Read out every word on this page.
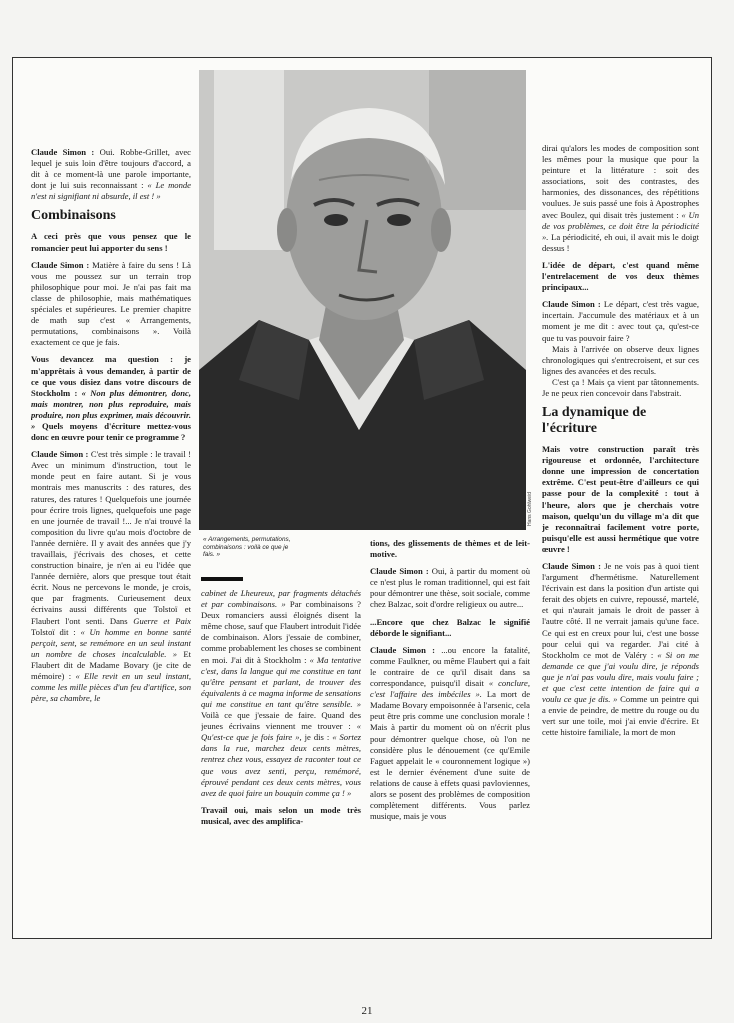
Claude Simon : Oui. Robbe-Grillet, avec lequel je suis loin d'être toujours d'accord, a dit à ce moment-là une parole importante, dont je lui suis reconnaissant : « Le monde n'est ni signifiant ni absurde, il est ! »

Combinaisons

A ceci près que vous pensez que le romancier peut lui apporter du sens !

Claude Simon : Matière à faire du sens ! Là vous me poussez sur un terrain trop philosophique pour moi. Je n'ai pas fait ma classe de philosophie, mais mathématiques spéciales et supérieures. Le premier chapitre de math sup c'est « Arrangements, permutations, combinaisons ». Voilà exactement ce que je fais.

Vous devancez ma question : je m'apprêtais à vous demander, à partir de ce que vous disiez dans votre discours de Stockholm : « Non plus démontrer, donc, mais montrer, non plus reproduire, mais produire, non plus exprimer, mais découvrir. » Quels moyens d'écriture mettez-vous donc en œuvre pour tenir ce programme ?

Claude Simon : C'est très simple : le travail ! Avec un minimum d'instruction, tout le monde peut en faire autant. Si je vous montrais mes manuscrits : des ratures, des ratures, des ratures ! Quelquefois une journée pour écrire trois lignes, quelquefois une page en une journée de travail !... Je n'ai trouvé la composition du livre qu'au mois d'octobre de l'année dernière. Il y avait des années que j'y travaillais, j'écrivais des choses, et cette construction binaire, je n'en ai eu l'idée que l'année dernière, alors que presque tout était écrit. Nous ne percevons le monde, je crois, que par fragments. Curieusement deux écrivains aussi différents que Tolstoï et Flaubert l'ont senti. Dans Guerre et Paix Tolstoï dit : « Un homme en bonne santé perçoit, sent, se remémore en un seul instant un nombre de choses incalculable. » Et Flaubert dit de Madame Bovary (je cite de mémoire) : « Elle revit en un seul instant, comme les mille pièces d'un feu d'artifice, son père, sa chambre, le

Hans Gohlweid
« Arrangements, permutations, combinaisons : voilà ce que je fais. »

cabinet de Lheureux, par fragments détachés et par combinaisons. » Par combinaisons ? Deux romanciers aussi éloignés disent la même chose, sauf que Flaubert introduit l'idée de combinaison. Alors j'essaie de combiner, comme probablement les choses se combinent en moi. J'ai dit à Stockholm : « Ma tentative c'est, dans la langue qui me constitue en tant qu'être pensant et parlant, de trouver des équivalents à ce magma informe de sensations qui me constitue en tant qu'être sensible. » Voilà ce que j'essaie de faire. Quand des jeunes écrivains viennent me trouver : « Qu'est-ce que je fois faire », je dis : « Sortez dans la rue, marchez deux cents mètres, rentrez chez vous, essayez de raconter tout ce que vous avez senti, perçu, remémoré, éprouvé pendant ces deux cents mètres, vous avez de quoi faire un bouquin comme ça ! »

Travail oui, mais selon un mode très musical, avec des amplifica-

tions, des glissements de thèmes et de leit-motive.

Claude Simon : Oui, à partir du moment où ce n'est plus le roman traditionnel, qui est fait pour démontrer une thèse, soit sociale, comme chez Balzac, soit d'ordre religieux ou autre...

...Encore que chez Balzac le signifié déborde le signifiant...

Claude Simon : ...ou encore la fatalité, comme Faulkner, ou même Flaubert qui a fait le contraire de ce qu'il disait dans sa correspondance, puisqu'il disait « conclure, c'est l'affaire des imbéciles ». La mort de Madame Bovary empoisonnée à l'arsenic, cela peut être pris comme une conclusion morale ! Mais à partir du moment où on n'écrit plus pour démontrer quelque chose, où l'on ne considère plus le dénouement (ce qu'Emile Faguet appelait le « couronnement logique ») est le dernier événement d'une suite de relations de cause à effets quasi pavloviennes, alors se posent des problèmes de composition complètement différents. Vous parlez musique, mais je vous

dirai qu'alors les modes de composition sont les mêmes pour la musique que pour la peinture et la littérature : soit des associations, soit des contrastes, des harmonies, des dissonances, des répétitions voulues. Je suis passé une fois à Apostrophes avec Boulez, qui disait très justement : « Un de vos problèmes, ce doit être la périodicité ». La périodicité, eh oui, il avait mis le doigt dessus !

L'idée de départ, c'est quand même l'entrelacement de vos deux thèmes principaux...

Claude Simon : Le départ, c'est très vague, incertain. J'accumule des matériaux et à un moment je me dit : avec tout ça, qu'est-ce que tu vas pouvoir faire ?

Mais à l'arrivée on observe deux lignes chronologiques qui s'entrecroisent, et sur ces lignes des avancées et des reculs.

C'est ça ! Mais ça vient par tâtonnements. Je ne peux rien concevoir dans l'abstrait.

La dynamique de l'écriture

Mais votre construction paraît très rigoureuse et ordonnée, l'architecture donne une impression de concertation extrême. C'est peut-être d'ailleurs ce qui passe pour de la complexité : tout à l'heure, alors que je cherchais votre maison, quelqu'un du village m'a dit que je reconnaîtrai facilement votre porte, puisqu'elle est aussi hermétique que votre œuvre !

Claude Simon : Je ne vois pas à quoi tient l'argument d'hermétisme. Naturellement l'écrivain est dans la position d'un artiste qui ferait des objets en cuivre, repoussé, martelé, et qui n'aurait jamais le droit de passer à l'autre côté. Il ne verrait jamais qu'une face. Ce qui est en creux pour lui, c'est une bosse pour celui qui va regarder. J'ai cité à Stockholm ce mot de Valéry : « Si on me demande ce que j'ai voulu dire, je réponds que je n'ai pas voulu dire, mais voulu faire ; et que c'est cette intention de faire qui a voulu ce que je dis. » Comme un peintre qui a envie de peindre, de mettre du rouge ou du vert sur une toile, moi j'ai envie d'écrire. Et cette histoire familiale, la mort de mon

21
